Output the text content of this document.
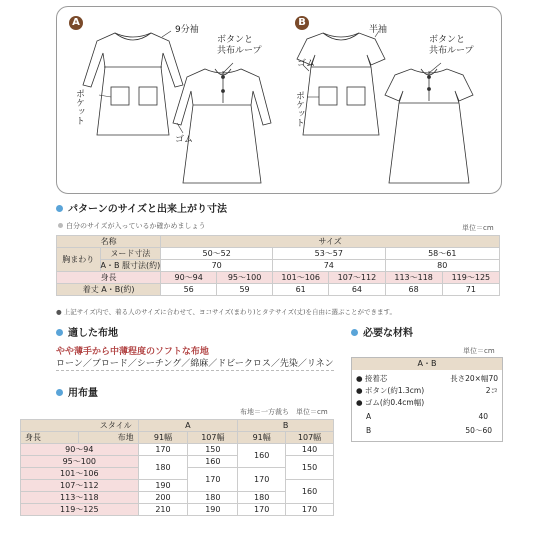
A	B
9分袖
ボタンと
共布ループ
ポケット
ゴム
半袖
ボタンと
共布ループ
ゴム
ポケット
パターンのサイズと出来上がり寸法
白分のサイズが入っているか確かめましょう	単位＝cm
名称		サイズ					
胸まわり	ヌード寸法	50～52		53～57		58～61	
	A・B 服寸法(約)	70		74		80	
身長		90～94	95～100	101～106	107～112	113～118	119～125
着丈 A・B(約)		56	59	61	64	68	71
● 上記サイズ内で、着る人のサイズに合わせて、ヨコサイズ(まわり)とタテサイズ(丈)を自由に選ぶことができます。
適した布地
やや薄手から中薄程度のソフトな布地
ローン／ブロード／シーチング／綿麻／ドビークロス／先染／リネン
必要な材料
単位＝cm
A・B
● 接着芯	長さ20×幅70
● ボタン(約1.3cm)	2コ
● ゴム(約0.4cm幅)
A	40
B	50～60
用布量
布地＝一方裁ち　単位＝cm
スタイル		A		B	
身長	布地	91幅	107幅	91幅	107幅
90～94		170	150	160	140
95～100		180	160		150
101～106			170	170	
107～112		190			160
113～118		200	180	180	
119～125		210	190	170	170
